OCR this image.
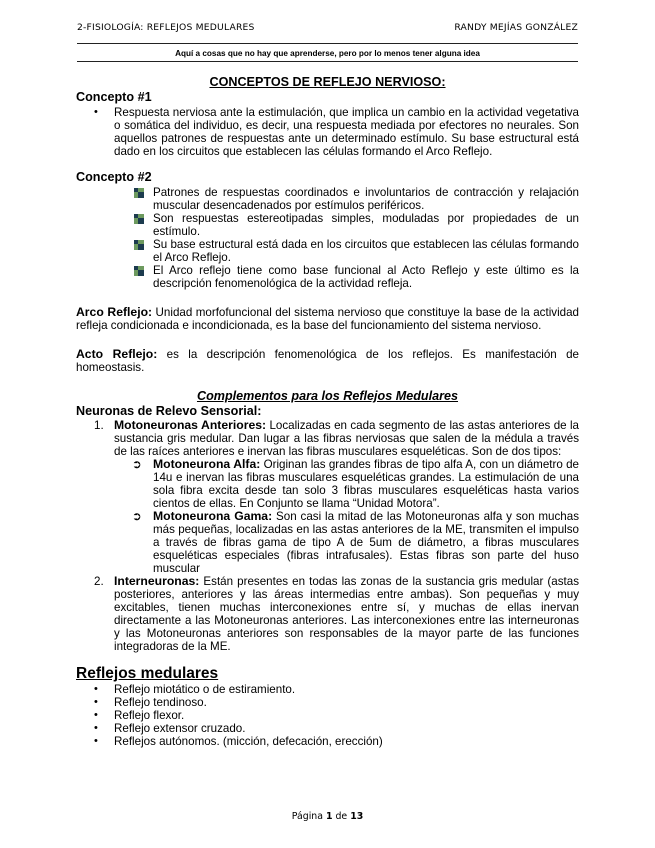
2-FISIOLOGÍA: REFLEJOS MEDULARES	RANDY MEJÍAS GONZÁLEZ
Aquí a cosas que no hay que aprenderse, pero por lo menos tener alguna idea

CONCEPTOS DE REFLEJO NERVIOSO:

Concepto #1

• Respuesta nerviosa ante la estimulación, que implica un cambio en la actividad vegetativa o somática del individuo, es decir, una respuesta mediada por efectores no neurales. Son aquellos patrones de respuestas ante un determinado estímulo. Su base estructural está dado en los circuitos que establecen las células formando el Arco Reflejo.

Concepto #2

Patrones de respuestas coordinados e involuntarios de contracción y relajación muscular desencadenados por estímulos periféricos.

Son respuestas estereotipadas simples, moduladas por propiedades de un estímulo.

Su base estructural está dada en los circuitos que establecen las células formando el Arco Reflejo.

El Arco reflejo tiene como base funcional al Acto Reflejo y este último es la descripción fenomenológica de la actividad refleja.

Arco Reflejo: Unidad morfofuncional del sistema nervioso que constituye la base de la actividad refleja condicionada e incondicionada, es la base del funcionamiento del sistema nervioso.

Acto Reflejo: es la descripción fenomenológica de los reflejos. Es manifestación de homeostasis.

Complementos para los Reflejos Medulares

Neuronas de Relevo Sensorial:

1. Motoneuronas Anteriores: Localizadas en cada segmento de las astas anteriores de la sustancia gris medular. Dan lugar a las fibras nerviosas que salen de la médula a través de las raíces anteriores e inervan las fibras musculares esqueléticas. Son de dos tipos:

➲ Motoneurona Alfa: Originan las grandes fibras de tipo alfa A, con un diámetro de 14u e inervan las fibras musculares esqueléticas grandes. La estimulación de una sola fibra excita desde tan solo 3 fibras musculares esqueléticas hasta varios cientos de ellas. En Conjunto se llama “Unidad Motora”.

➲ Motoneurona Gama: Son casi la mitad de las Motoneuronas alfa y son muchas más pequeñas, localizadas en las astas anteriores de la ME, transmiten el impulso a través de fibras gama de tipo A de 5um de diámetro, a fibras musculares esqueléticas especiales (fibras intrafusales). Estas fibras son parte del huso muscular

2. Interneuronas: Están presentes en todas las zonas de la sustancia gris medular (astas posteriores, anteriores y las áreas intermedias entre ambas). Son pequeñas y muy excitables, tienen muchas interconexiones entre sí, y muchas de ellas inervan directamente a las Motoneuronas anteriores. Las interconexiones entre las interneuronas y las Motoneuronas anteriores son responsables de la mayor parte de las funciones integradoras de la ME.

Reflejos medulares

• Reflejo miotático o de estiramiento.

• Reflejo tendinoso.

• Reflejo flexor.

• Reflejo extensor cruzado.

• Reflejos autónomos. (micción, defecación, erección)

Página 1 de 13
